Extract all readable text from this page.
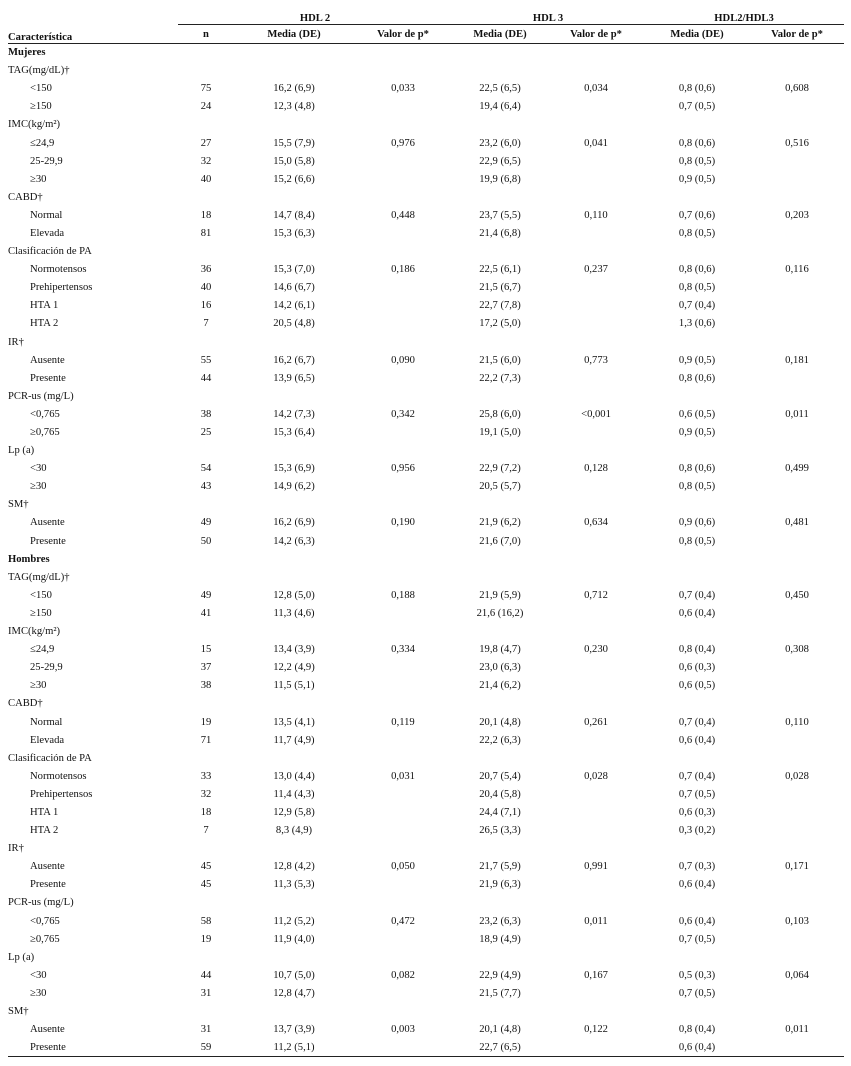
Característica	HDL 2			HDL 3		HDL2/HDL3	
	n	Media (DE)	Valor de p*	Media (DE)	Valor de p*	Media (DE)	Valor de p*
Mujeres							
TAG(mg/dL)†							
<150	75	16,2 (6,9)	0,033	22,5 (6,5)	0,034	0,8 (0,6)	0,608
≥150	24	12,3 (4,8)		19,4 (6,4)		0,7 (0,5)	
IMC(kg/m²)							
≤24,9	27	15,5 (7,9)	0,976	23,2 (6,0)	0,041	0,8 (0,6)	0,516
25-29,9	32	15,0 (5,8)		22,9 (6,5)		0,8 (0,5)	
≥30	40	15,2 (6,6)		19,9 (6,8)		0,9 (0,5)	
CABD†							
Normal	18	14,7 (8,4)	0,448	23,7 (5,5)	0,110	0,7 (0,6)	0,203
Elevada	81	15,3 (6,3)		21,4 (6,8)		0,8 (0,5)	
Clasificación de PA							
Normotensos	36	15,3 (7,0)	0,186	22,5 (6,1)	0,237	0,8 (0,6)	0,116
Prehipertensos	40	14,6 (6,7)		21,5 (6,7)		0,8 (0,5)	
HTA 1	16	14,2 (6,1)		22,7 (7,8)		0,7 (0,4)	
HTA 2	7	20,5 (4,8)		17,2 (5,0)		1,3 (0,6)	
IR†							
Ausente	55	16,2 (6,7)	0,090	21,5 (6,0)	0,773	0,9 (0,5)	0,181
Presente	44	13,9 (6,5)		22,2 (7,3)		0,8 (0,6)	
PCR-us (mg/L)							
<0,765	38	14,2 (7,3)	0,342	25,8 (6,0)	<0,001	0,6 (0,5)	0,011
≥0,765	25	15,3 (6,4)		19,1 (5,0)		0,9 (0,5)	
Lp (a)							
<30	54	15,3 (6,9)	0,956	22,9 (7,2)	0,128	0,8 (0,6)	0,499
≥30	43	14,9 (6,2)		20,5 (5,7)		0,8 (0,5)	
SM†							
Ausente	49	16,2 (6,9)	0,190	21,9 (6,2)	0,634	0,9 (0,6)	0,481
Presente	50	14,2 (6,3)		21,6 (7,0)		0,8 (0,5)	
Hombres							
TAG(mg/dL)†							
<150	49	12,8 (5,0)	0,188	21,9 (5,9)	0,712	0,7 (0,4)	0,450
≥150	41	11,3 (4,6)		21,6 (16,2)		0,6 (0,4)	
IMC(kg/m²)							
≤24,9	15	13,4 (3,9)	0,334	19,8 (4,7)	0,230	0,8 (0,4)	0,308
25-29,9	37	12,2 (4,9)		23,0 (6,3)		0,6 (0,3)	
≥30	38	11,5 (5,1)		21,4 (6,2)		0,6 (0,5)	
CABD†							
Normal	19	13,5 (4,1)	0,119	20,1 (4,8)	0,261	0,7 (0,4)	0,110
Elevada	71	11,7 (4,9)		22,2 (6,3)		0,6 (0,4)	
Clasificación de PA							
Normotensos	33	13,0 (4,4)	0,031	20,7 (5,4)	0,028	0,7 (0,4)	0,028
Prehipertensos	32	11,4 (4,3)		20,4 (5,8)		0,7 (0,5)	
HTA 1	18	12,9 (5,8)		24,4 (7,1)		0,6 (0,3)	
HTA 2	7	8,3 (4,9)		26,5 (3,3)		0,3 (0,2)	
IR†							
Ausente	45	12,8 (4,2)	0,050	21,7 (5,9)	0,991	0,7 (0,3)	0,171
Presente	45	11,3 (5,3)		21,9 (6,3)		0,6 (0,4)	
PCR-us (mg/L)							
<0,765	58	11,2 (5,2)	0,472	23,2 (6,3)	0,011	0,6 (0,4)	0,103
≥0,765	19	11,9 (4,0)		18,9 (4,9)		0,7 (0,5)	
Lp (a)							
<30	44	10,7 (5,0)	0,082	22,9 (4,9)	0,167	0,5 (0,3)	0,064
≥30	31	12,8 (4,7)		21,5 (7,7)		0,7 (0,5)	
SM†							
Ausente	31	13,7 (3,9)	0,003	20,1 (4,8)	0,122	0,8 (0,4)	0,011
Presente	59	11,2 (5,1)		22,7 (6,5)		0,6 (0,4)	
